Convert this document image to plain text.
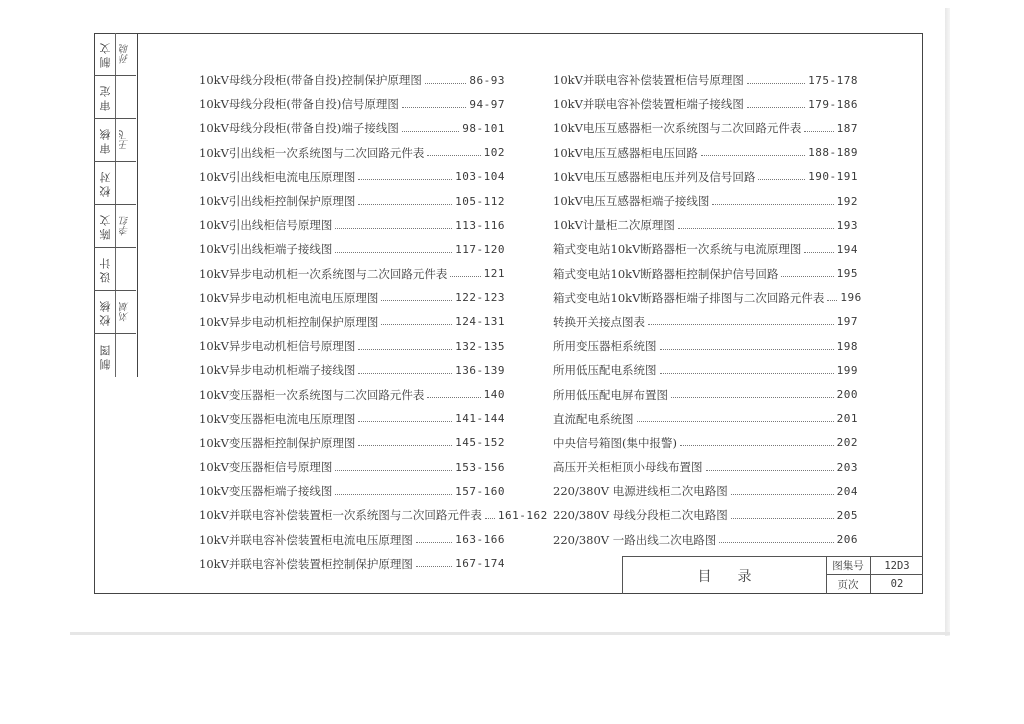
制文 孙晓
审定
审核 王飞
校对
陈文 李红
设计
校核 刘斌
制图
10kV母线分段柜(带备自投)控制保护原理图	86-93
10kV母线分段柜(带备自投)信号原理图	94-97
10kV母线分段柜(带备自投)端子接线图	98-101
10kV引出线柜一次系统图与二次回路元件表	102
10kV引出线柜电流电压原理图	103-104
10kV引出线柜控制保护原理图	105-112
10kV引出线柜信号原理图	113-116
10kV引出线柜端子接线图	117-120
10kV异步电动机柜一次系统图与二次回路元件表	121
10kV异步电动机柜电流电压原理图	122-123
10kV异步电动机柜控制保护原理图	124-131
10kV异步电动机柜信号原理图	132-135
10kV异步电动机柜端子接线图	136-139
10kV变压器柜一次系统图与二次回路元件表	140
10kV变压器柜电流电压原理图	141-144
10kV变压器柜控制保护原理图	145-152
10kV变压器柜信号原理图	153-156
10kV变压器柜端子接线图	157-160
10kV并联电容补偿装置柜一次系统图与二次回路元件表 161-162
10kV并联电容补偿装置柜电流电压原理图	163-166
10kV并联电容补偿装置柜控制保护原理图	167-174
10kV并联电容补偿装置柜信号原理图	175-178
10kV并联电容补偿装置柜端子接线图	179-186
10kV电压互感器柜一次系统图与二次回路元件表	187
10kV电压互感器柜电压回路	188-189
10kV电压互感器柜电压并列及信号回路	190-191
10kV电压互感器柜端子接线图	192
10kV计量柜二次原理图	193
箱式变电站10kV断路器柜一次系统与电流原理图	194
箱式变电站10kV断路器柜控制保护信号回路	195
箱式变电站10kV断路器柜端子排图与二次回路元件表 196
转换开关接点图表	197
所用变压器柜系统图	198
所用低压配电系统图	199
所用低压配电屏布置图	200
直流配电系统图	201
中央信号箱图(集中报警)	202
高压开关柜柜顶小母线布置图	203
220/380V 电源进线柜二次电路图	204
220/380V 母线分段柜二次电路图	205
220/380V 一路出线二次电路图	206
目录
图集号	12D3
页次	02
